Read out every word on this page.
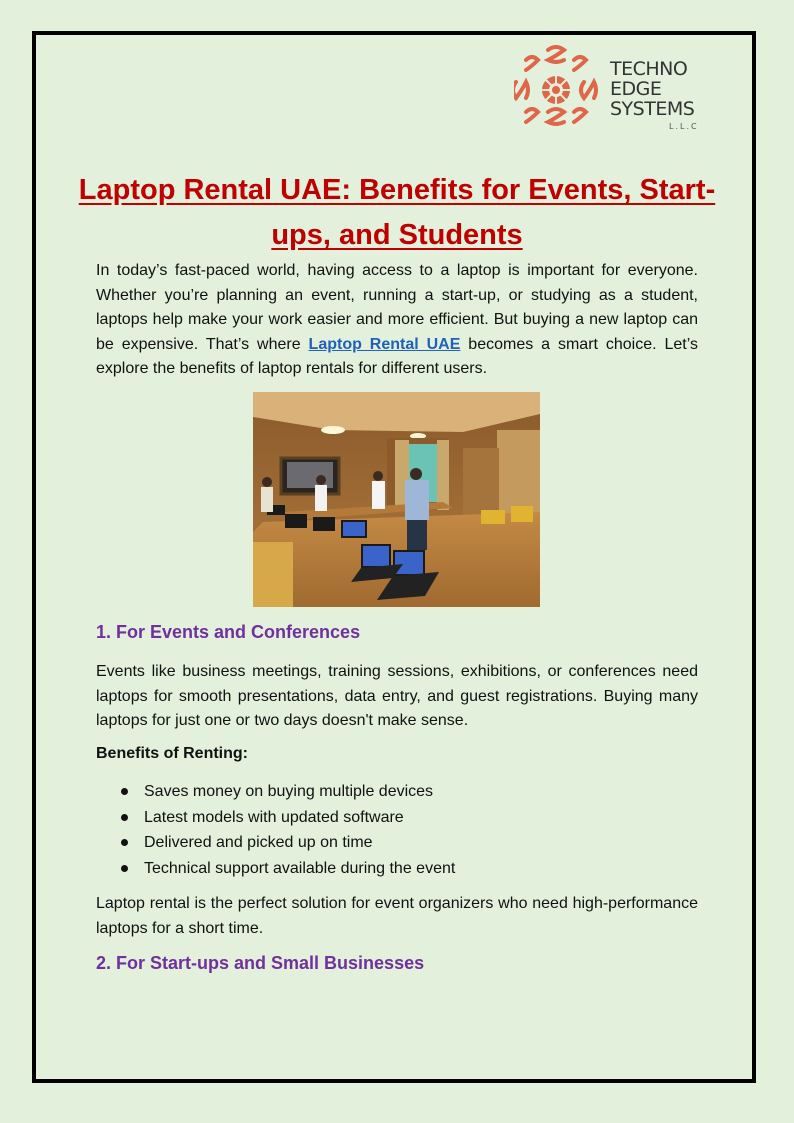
TECHNO
EDGE
SYSTEMS
L.L.C
Laptop Rental UAE: Benefits for Events, Start-ups, and Students

In today’s fast-paced world, having access to a laptop is important for everyone. Whether you’re planning an event, running a start-up, or studying as a student, laptops help make your work easier and more efficient. But buying a new laptop can be expensive. That’s where Laptop Rental UAE becomes a smart choice. Let’s explore the benefits of laptop rentals for different users.

1. For Events and Conferences

Events like business meetings, training sessions, exhibitions, or conferences need laptops for smooth presentations, data entry, and guest registrations. Buying many laptops for just one or two days doesn't make sense.

Benefits of Renting:

Saves money on buying multiple devices
Latest models with updated software
Delivered and picked up on time
Technical support available during the event

Laptop rental is the perfect solution for event organizers who need high-performance laptops for a short time.

2. For Start-ups and Small Businesses
